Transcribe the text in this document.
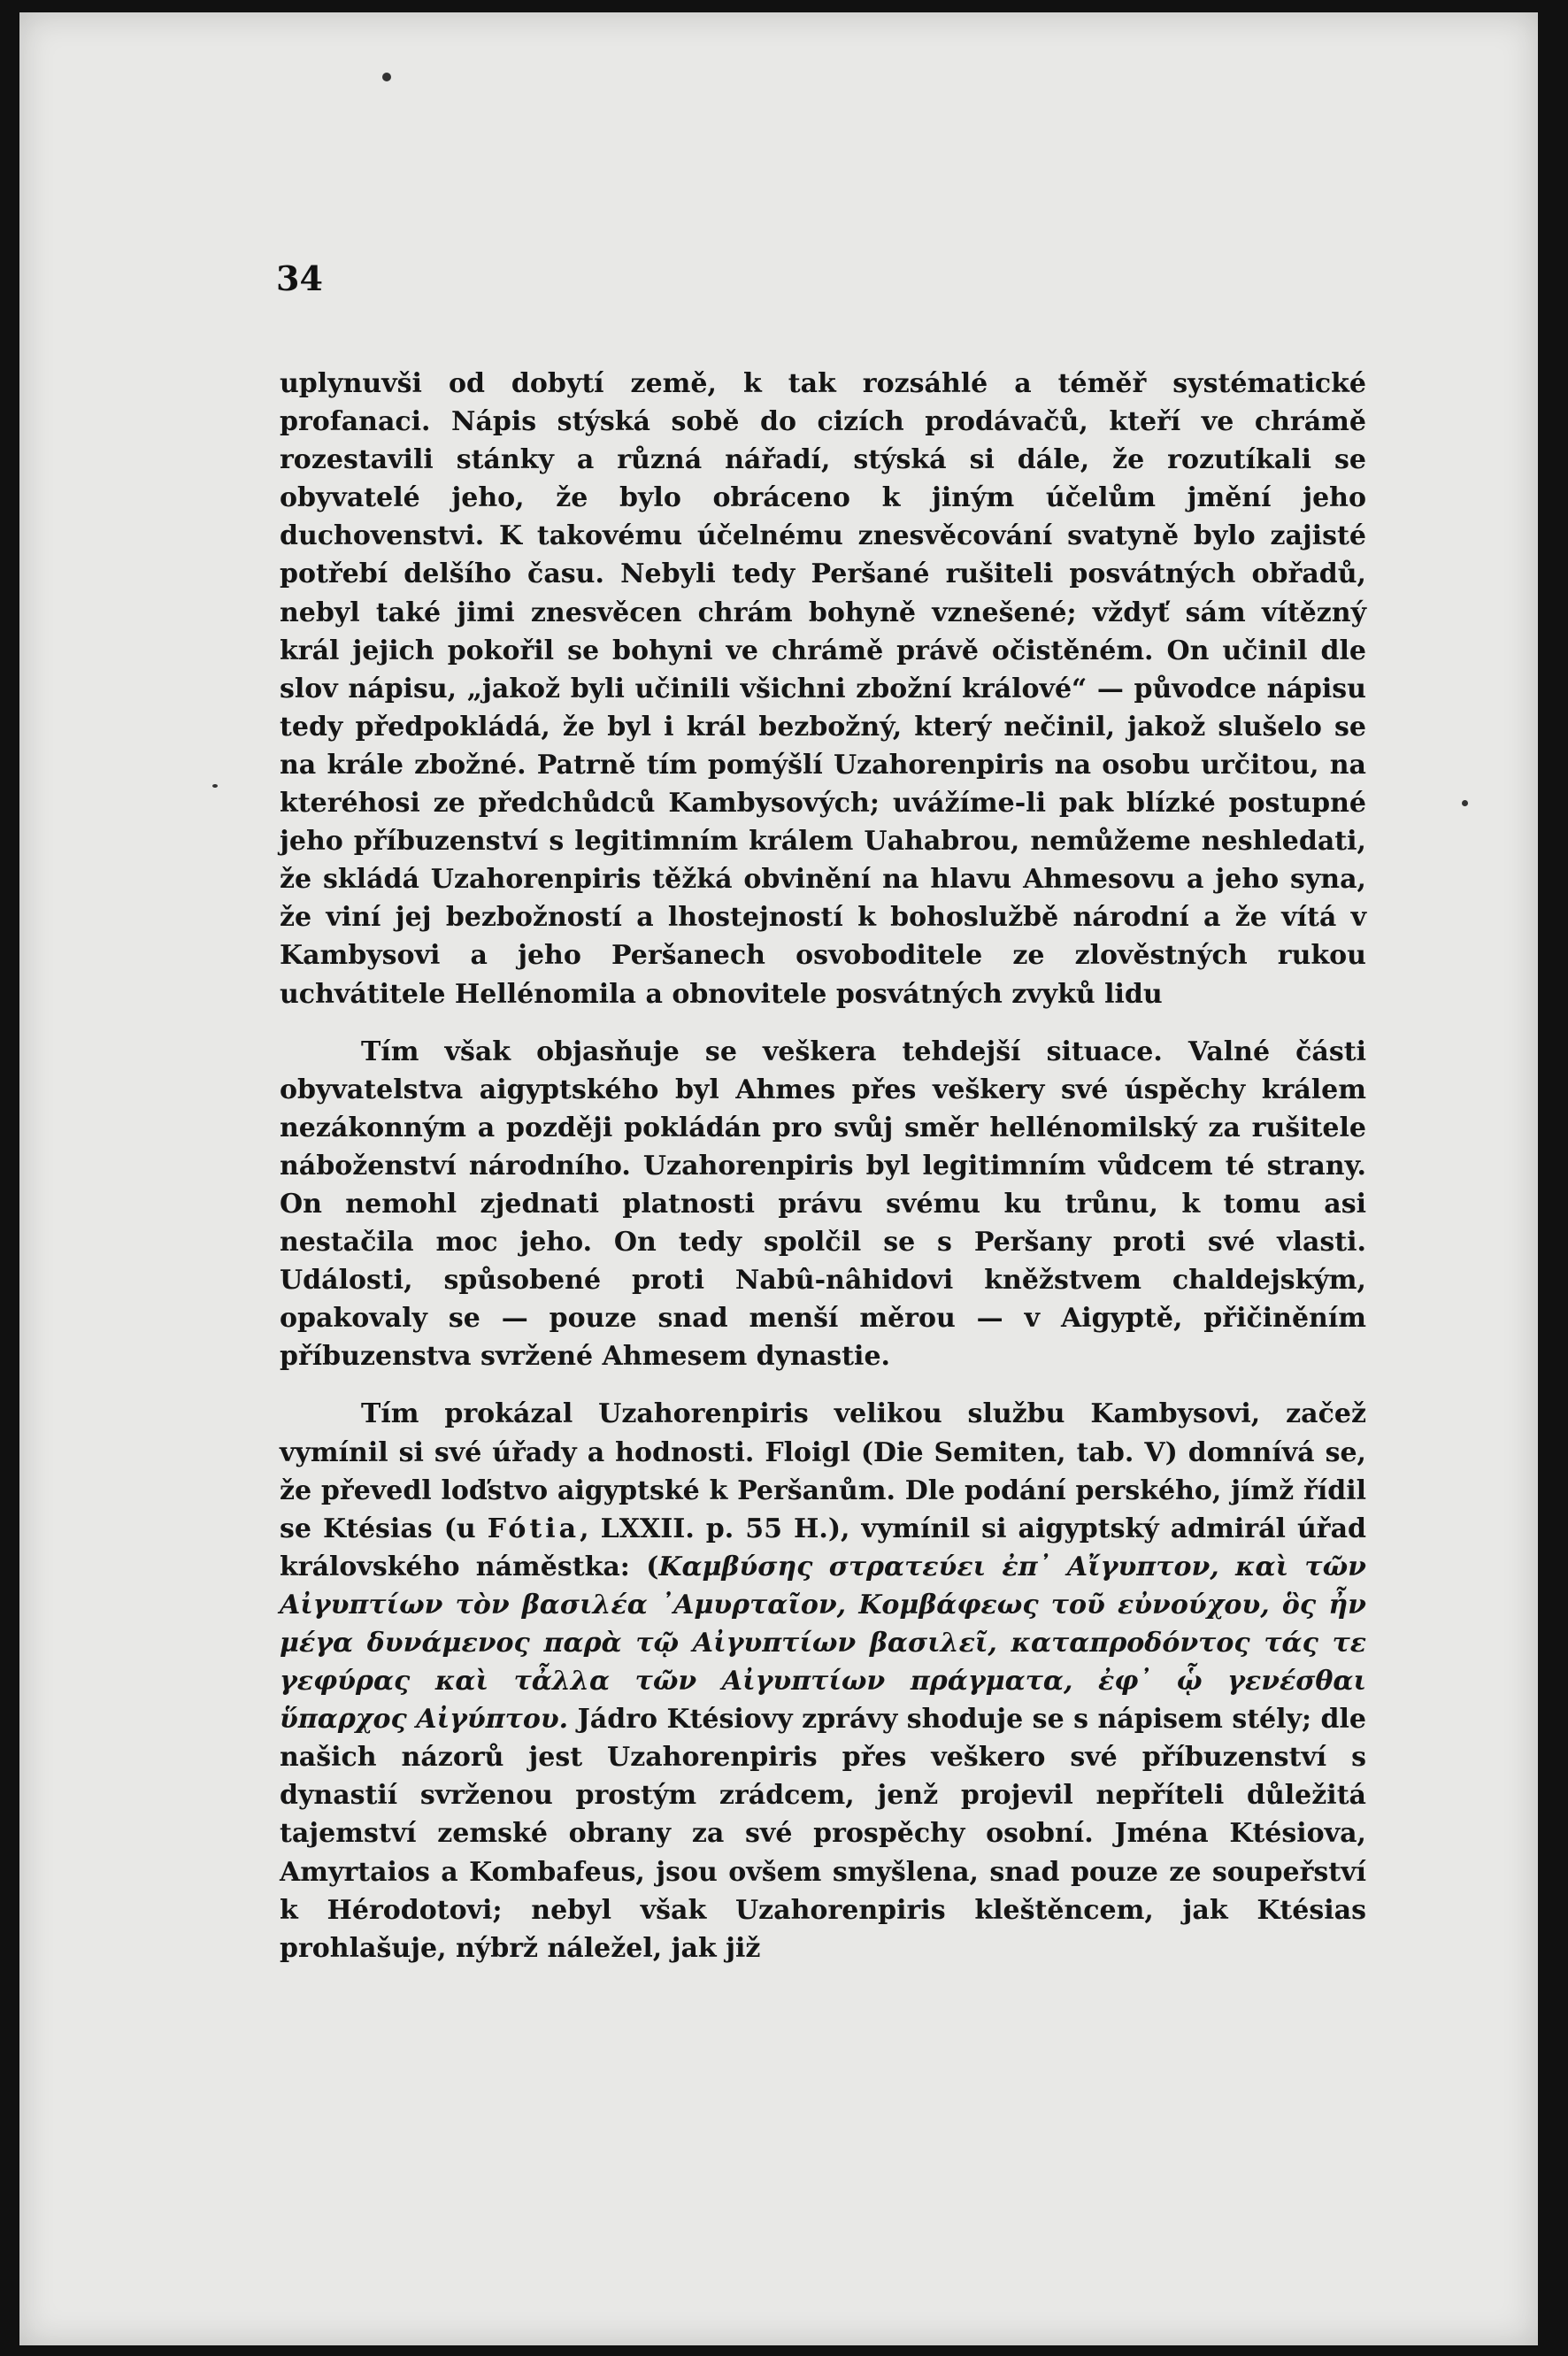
34

uplynuvši od dobytí země, k tak rozsáhlé a téměř systématické profanaci. Nápis stýská sobě do cizích prodávačů, kteří ve chrámě rozestavili stánky a různá nářadí, stýská si dále, že rozutíkali se obyvatelé jeho, že bylo obráceno k jiným účelům jmění jeho duchovenstvi. K takovému účelnému znesvěcování svatyně bylo zajisté potřebí delšího času. Nebyli tedy Peršané rušiteli posvátných obřadů, nebyl také jimi znesvěcen chrám bohyně vznešené; vždyť sám vítězný král jejich pokořil se bohyni ve chrámě právě očistěném. On učinil dle slov nápisu, „jakož byli učinili všichni zbožní králové“ — původce nápisu tedy předpokládá, že byl i král bezbožný, který nečinil, jakož slušelo se na krále zbožné. Patrně tím pomýšlí Uzahorenpiris na osobu určitou, na kteréhosi ze předchůdců Kambysových; uvážíme-li pak blízké postupné jeho příbuzenství s legitimním králem Uahabrou, nemůžeme neshledati, že skládá Uzahorenpiris těžká obvinění na hlavu Ahmesovu a jeho syna, že viní jej bezbožností a lhostejností k bohoslužbě národní a že vítá v Kambysovi a jeho Peršanech osvoboditele ze zlověstných rukou uchvátitele Hellénomila a obnovitele posvátných zvyků lidu

Tím však objasňuje se veškera tehdejší situace. Valné části obyvatelstva aigyptského byl Ahmes přes veškery své úspěchy králem nezákonným a později pokládán pro svůj směr hellénomilský za rušitele náboženství národního. Uzahorenpiris byl legitimním vůdcem té strany. On nemohl zjednati platnosti právu svému ku trůnu, k tomu asi nestačila moc jeho. On tedy spolčil se s Peršany proti své vlasti. Události, spůsobené proti Nabû-nâhidovi kněžstvem chaldejským, opakovaly se — pouze snad menší měrou — v Aigyptě, přičiněním příbuzenstva svržené Ahmesem dynastie.

Tím prokázal Uzahorenpiris velikou službu Kambysovi, začež vymínil si své úřady a hodnosti. Floigl (Die Semiten, tab. V) domnívá se, že převedl loďstvo aigyptské k Peršanům. Dle podání perského, jímž řídil se Ktésias (u Fótia, LXXII. p. 55 H.), vymínil si aigyptský admirál úřad královského náměstka: (Καμβύσης στρατεύει ἐπ᾽ Αἴγυπτον, καὶ τῶν Αἰγυπτίων τὸν βασιλέα ᾽Αμυρταῖον, Κομβάφεως τοῦ εὐνούχου, ὃς ἦν μέγα δυνάμενος παρὰ τῷ Αἰγυπτίων βασιλεῖ, καταπροδόντος τάς τε γεφύρας καὶ τἆλλα τῶν Αἰγυπτίων πράγματα, ἐφ᾽ ᾧ γενέσθαι ὕπαρχος Αἰγύπτου. Jádro Ktésiovy zprávy shoduje se s nápisem stély; dle našich názorů jest Uzahorenpiris přes veškero své příbuzenství s dynastií svrženou prostým zrádcem, jenž projevil nepříteli důležitá tajemství zemské obrany za své prospěchy osobní. Jména Ktésiova, Amyrtaios a Kombafeus, jsou ovšem smyšlena, snad pouze ze soupeřství k Hérodotovi; nebyl však Uzahorenpiris kleštěncem, jak Ktésias prohlašuje, nýbrž náležel, jak již
